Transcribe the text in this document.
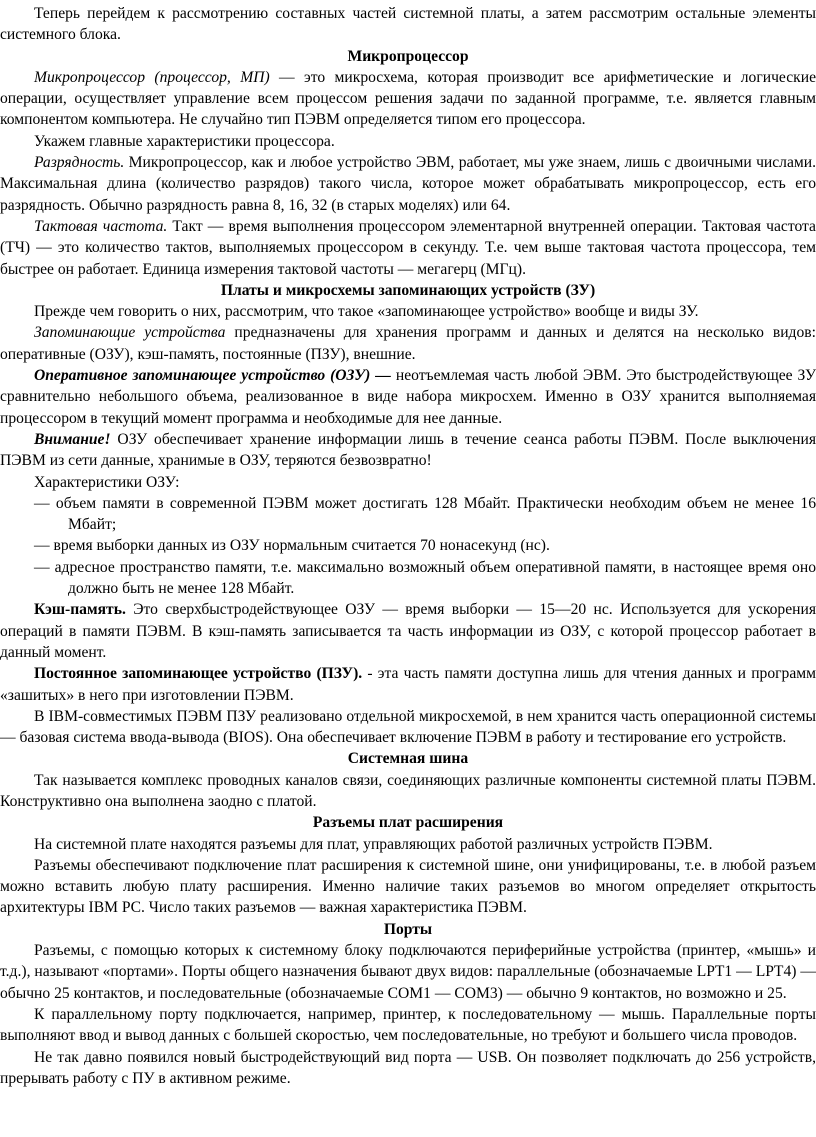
Теперь перейдем к рассмотрению составных частей системной платы, а затем рассмотрим остальные элементы системного блока.

Микропроцессор

Микропроцессор (процессор, МП) — это микросхема, которая производит все арифметические и логические операции, осуществляет управление всем процессом решения задачи по заданной программе, т.е. является главным компонентом компьютера. Не случайно тип ПЭВМ определяется типом его процессора.

Укажем главные характеристики процессора.

Разрядность. Микропроцессор, как и любое устройство ЭВМ, работает, мы уже знаем, лишь с двоичными числами. Максимальная длина (количество разрядов) такого числа, которое может обрабатывать микропроцессор, есть его разрядность. Обычно разрядность равна 8, 16, 32 (в старых моделях) или 64.

Тактовая частота. Такт — время выполнения процессором элементарной внутренней операции. Тактовая частота (ТЧ) — это количество тактов, выполняемых процессором в секунду. Т.е. чем выше тактовая частота процессора, тем быстрее он работает. Единица измерения тактовой частоты — мегагерц (МГц).

Платы и микросхемы запоминающих устройств (ЗУ)

Прежде чем говорить о них, рассмотрим, что такое «запоминающее устройство» вообще и виды ЗУ.

Запоминающие устройства предназначены для хранения программ и данных и делятся на несколько видов: оперативные (ОЗУ), кэш-память, постоянные (ПЗУ), внешние.

Оперативное запоминающее устройство (ОЗУ) — неотъемлемая часть любой ЭВМ. Это быстродействующее ЗУ сравнительно небольшого объема, реализованное в виде набора микросхем. Именно в ОЗУ хранится выполняемая процессором в текущий момент программа и необходимые для нее данные.

Внимание! ОЗУ обеспечивает хранение информации лишь в течение сеанса работы ПЭВМ. После выключения ПЭВМ из сети данные, хранимые в ОЗУ, теряются безвозвратно!

Характеристики ОЗУ:

— объем памяти в современной ПЭВМ может достигать 128 Мбайт. Практически необходим объем не менее 16 Мбайт;

— время выборки данных из ОЗУ нормальным считается 70 нонасекунд (нс).

— адресное пространство памяти, т.е. максимально возможный объем оперативной памяти, в настоящее время оно должно быть не менее 128 Мбайт.

Кэш-память. Это сверхбыстродействующее ОЗУ — время выборки — 15—20 нс. Используется для ускорения операций в памяти ПЭВМ. В кэш-память записывается та часть информации из ОЗУ, с которой процессор работает в данный момент.

Постоянное запоминающее устройство (ПЗУ). - эта часть памяти доступна лишь для чтения данных и программ «зашитых» в него при изготовлении ПЭВМ.

В IBM-совместимых ПЭВМ ПЗУ реализовано отдельной микросхемой, в нем хранится часть операционной системы — базовая система ввода-вывода (BIOS). Она обеспечивает включение ПЭВМ в работу и тестирование его устройств.

Системная шина

Так называется комплекс проводных каналов связи, соединяющих различные компоненты системной платы ПЭВМ. Конструктивно она выполнена заодно с платой.

Разъемы плат расширения

На системной плате находятся разъемы для плат, управляющих работой различных устройств ПЭВМ.

Разъемы обеспечивают подключение плат расширения к системной шине, они унифицированы, т.е. в любой разъем можно вставить любую плату расширения. Именно наличие таких разъемов во многом определяет открытость архитектуры IBM PC. Число таких разъемов — важная характеристика ПЭВМ.

Порты

Разъемы, с помощью которых к системному блоку подключаются периферийные устройства (принтер, «мышь» и т.д.), называют «портами». Порты общего назначения бывают двух видов: параллельные (обозначаемые LPT1 — LPT4) — обычно 25 контактов, и последовательные (обозначаемые СОМ1 — СОМ3) — обычно 9 контактов, но возможно и 25.

К параллельному порту подключается, например, принтер, к последовательному — мышь. Параллельные порты выполняют ввод и вывод данных с большей скоростью, чем последовательные, но требуют и большего числа проводов.

Не так давно появился новый быстродействующий вид порта — USB. Он позволяет подключать до 256 устройств, прерывать работу с ПУ в активном режиме.
